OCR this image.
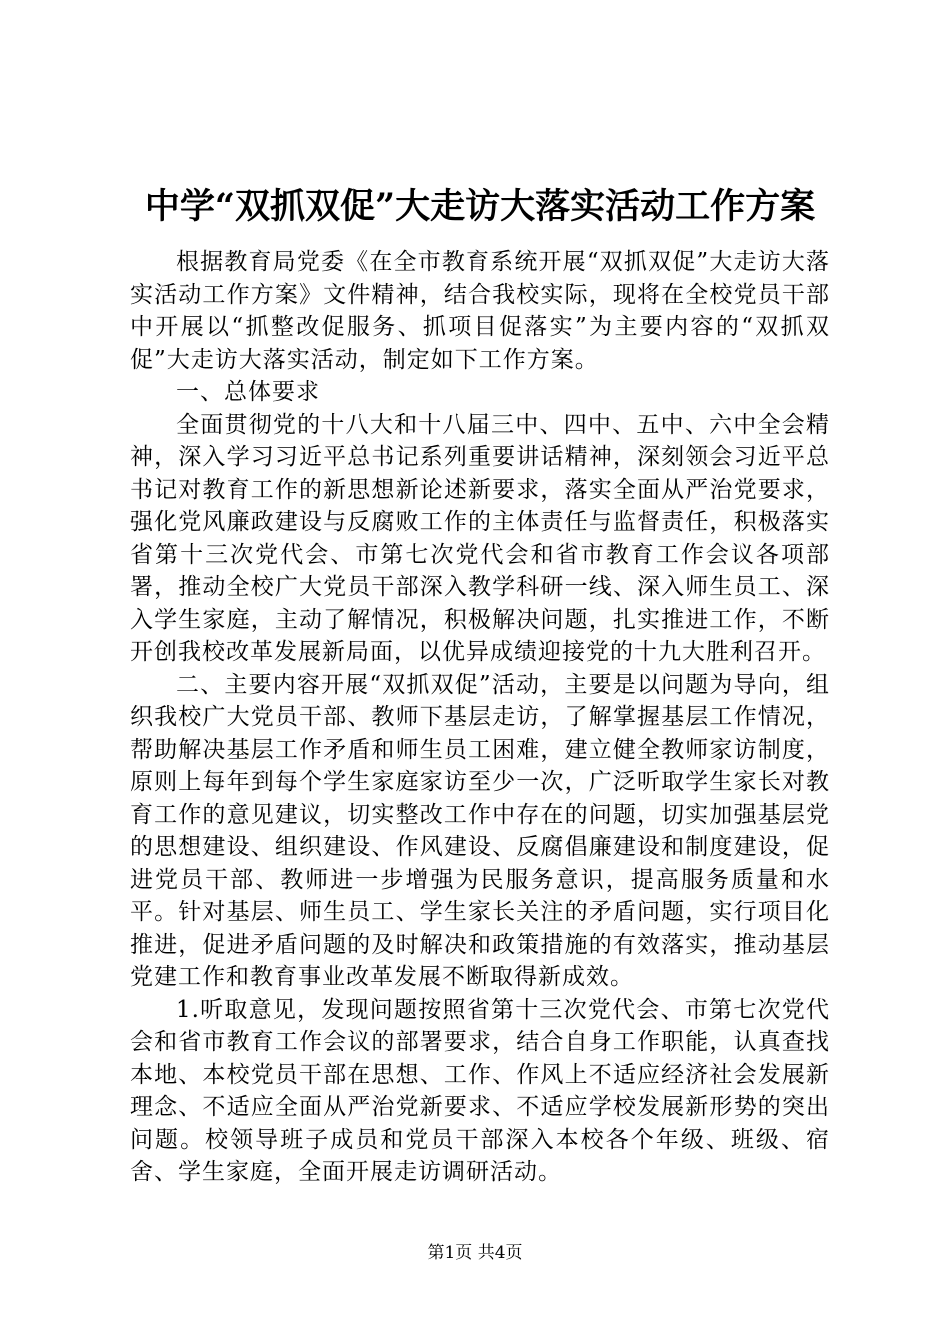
中学“双抓双促”大走访大落实活动工作方案

根据教育局党委《在全市教育系统开展“双抓双促”大走访大落实活动工作方案》文件精神，结合我校实际，现将在全校党员干部中开展以“抓整改促服务、抓项目促落实”为主要内容的“双抓双促”大走访大落实活动，制定如下工作方案。

一、总体要求

全面贯彻党的十八大和十八届三中、四中、五中、六中全会精神，深入学习习近平总书记系列重要讲话精神，深刻领会习近平总书记对教育工作的新思想新论述新要求，落实全面从严治党要求，强化党风廉政建设与反腐败工作的主体责任与监督责任，积极落实省第十三次党代会、市第七次党代会和省市教育工作会议各项部署，推动全校广大党员干部深入教学科研一线、深入师生员工、深入学生家庭，主动了解情况，积极解决问题，扎实推进工作，不断开创我校改革发展新局面，以优异成绩迎接党的十九大胜利召开。

二、主要内容开展“双抓双促”活动，主要是以问题为导向，组织我校广大党员干部、教师下基层走访，了解掌握基层工作情况，帮助解决基层工作矛盾和师生员工困难，建立健全教师家访制度，原则上每年到每个学生家庭家访至少一次，广泛听取学生家长对教育工作的意见建议，切实整改工作中存在的问题，切实加强基层党的思想建设、组织建设、作风建设、反腐倡廉建设和制度建设，促进党员干部、教师进一步增强为民服务意识，提高服务质量和水平。针对基层、师生员工、学生家长关注的矛盾问题，实行项目化推进，促进矛盾问题的及时解决和政策措施的有效落实，推动基层党建工作和教育事业改革发展不断取得新成效。

1.听取意见，发现问题按照省第十三次党代会、市第七次党代会和省市教育工作会议的部署要求，结合自身工作职能，认真查找本地、本校党员干部在思想、工作、作风上不适应经济社会发展新理念、不适应全面从严治党新要求、不适应学校发展新形势的突出问题。校领导班子成员和党员干部深入本校各个年级、班级、宿舍、学生家庭，全面开展走访调研活动。

第1页 共4页
